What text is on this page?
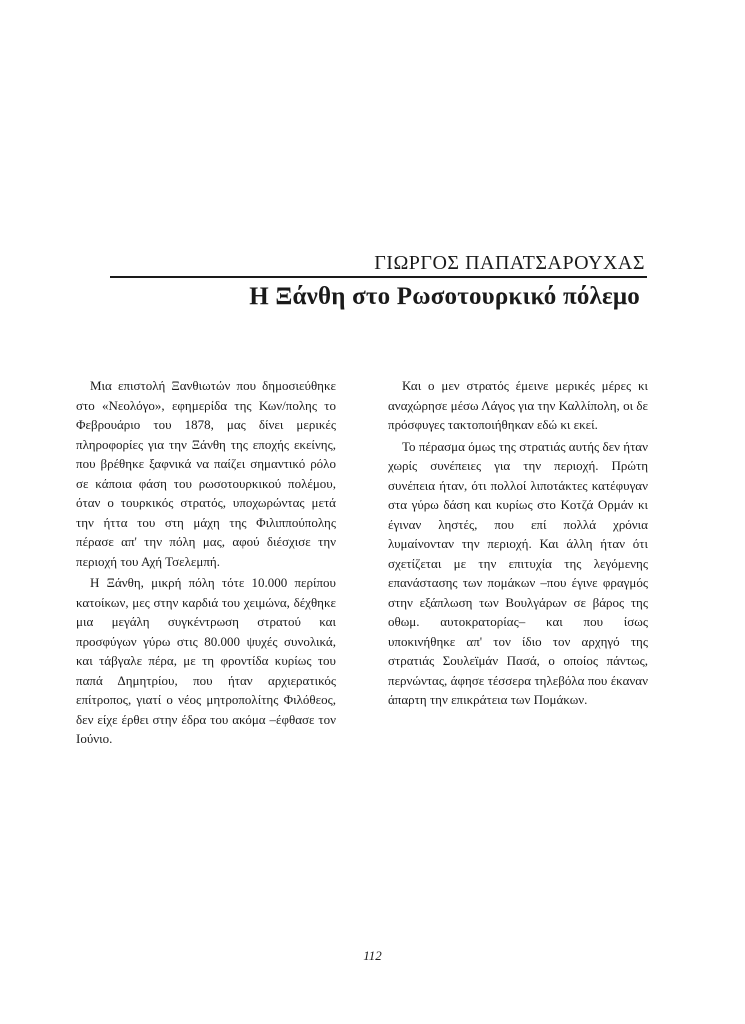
ΓΙΩΡΓΟΣ ΠΑΠΑΤΣΑΡΟΥΧΑΣ
Η Ξάνθη στο Ρωσοτουρκικό πόλεμο

Μια επιστολή Ξανθιωτών που δημοσιεύθηκε στο «Νεολόγο», εφημερίδα της Κων/πολης το Φεβρουάριο του 1878, μας δίνει μερικές πληροφορίες για την Ξάνθη της εποχής εκείνης, που βρέθηκε ξαφνικά να παίζει σημαντικό ρόλο σε κάποια φάση του ρωσοτουρκικού πολέμου, όταν ο τουρκικός στρατός, υποχωρώντας μετά την ήττα του στη μάχη της Φιλιππούπολης πέρασε απ' την πόλη μας, αφού διέσχισε την περιοχή του Αχή Τσελεμπή.

Η Ξάνθη, μικρή πόλη τότε 10.000 περίπου κατοίκων, μες στην καρδιά του χειμώνα, δέχθηκε μια μεγάλη συγκέντρωση στρατού και προσφύγων γύρω στις 80.000 ψυχές συνολικά, και τάβγαλε πέρα, με τη φροντίδα κυρίως του παπά Δημητρίου, που ήταν αρχιερατικός επίτροπος, γιατί ο νέος μητροπολίτης Φιλόθεος, δεν είχε έρθει στην έδρα του ακόμα –έφθασε τον Ιούνιο.

Και ο μεν στρατός έμεινε μερικές μέρες κι αναχώρησε μέσω Λάγος για την Καλλίπολη, οι δε πρόσφυγες τακτοποιήθηκαν εδώ κι εκεί.

Το πέρασμα όμως της στρατιάς αυτής δεν ήταν χωρίς συνέπειες για την περιοχή. Πρώτη συνέπεια ήταν, ότι πολλοί λιποτάκτες κατέφυγαν στα γύρω δάση και κυρίως στο Κοτζά Ορμάν κι έγιναν ληστές, που επί πολλά χρόνια λυμαίνονταν την περιοχή. Και άλλη ήταν ότι σχετίζεται με την επιτυχία της λεγόμενης επανάστασης των πομάκων –που έγινε φραγμός στην εξάπλωση των Βουλγάρων σε βάρος της οθωμ. αυτοκρατορίας– και που ίσως υποκινήθηκε απ' τον ίδιο τον αρχηγό της στρατιάς Σουλεϊμάν Πασά, ο οποίος πάντως, περνώντας, άφησε τέσσερα τηλεβόλα που έκαναν άπαρτη την επικράτεια των Πομάκων.

112
